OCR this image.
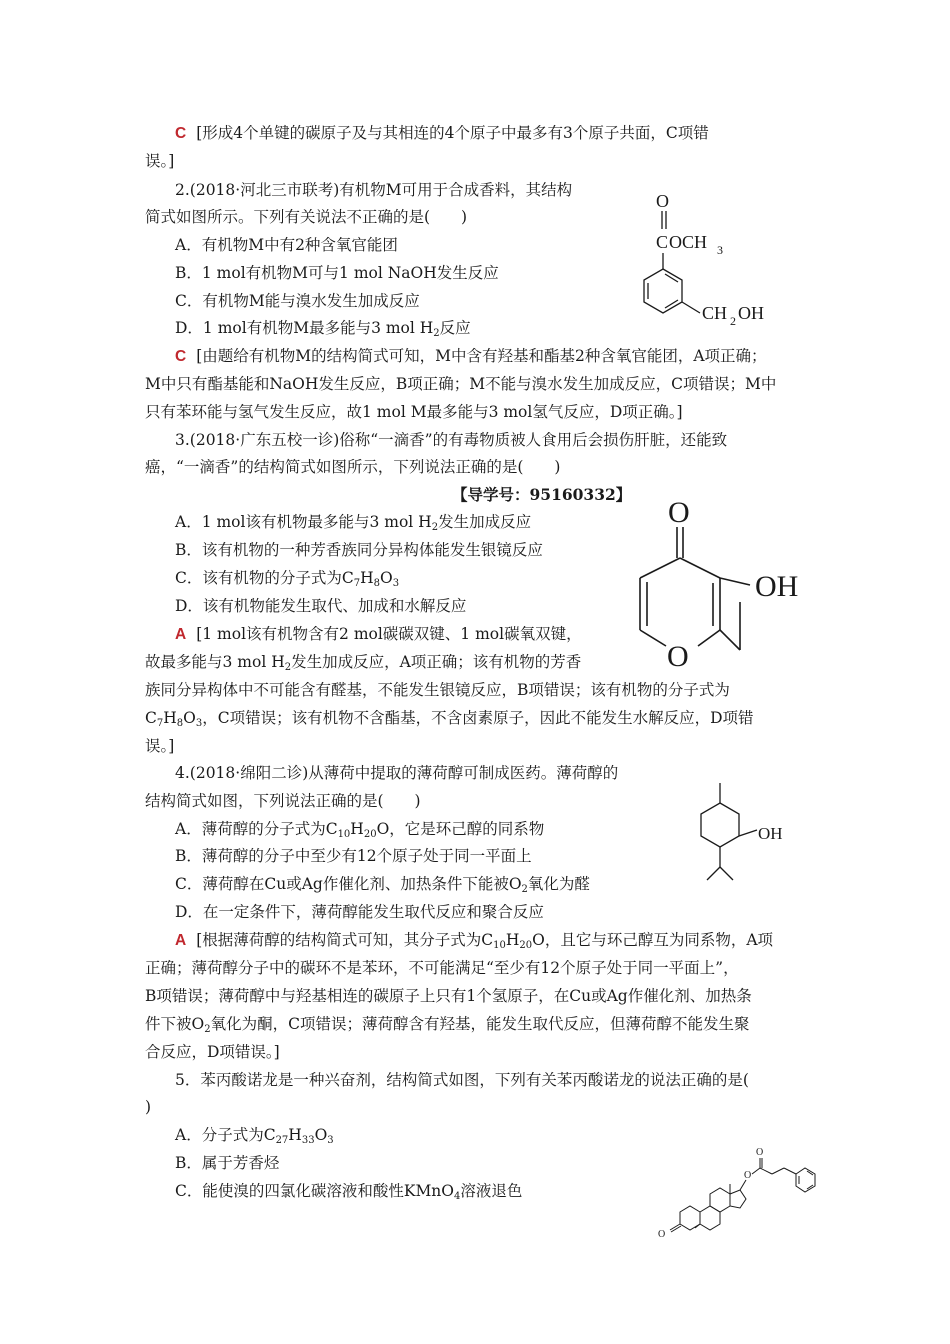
C [形成4个单键的碳原子及与其相连的4个原子中最多有3个原子共面，C项错
误。]
2.(2018·河北三市联考)有机物M可用于合成香料，其结构
简式如图所示。下列有关说法不正确的是(　　)
A．有机物M中有2种含氧官能团
B．1 mol有机物M可与1 mol NaOH发生反应
C．有机物M能与溴水发生加成反应
D．1 mol有机物M最多能与3 mol $H_2$反应
C [由题给有机物M的结构简式可知，M中含有羟基和酯基2种含氧官能团，A项正确；
M中只有酯基能和NaOH发生反应，B项正确；M不能与溴水发生加成反应，C项错误；M中
只有苯环能与氢气发生反应，故1 mol M最多能与3 mol氢气反应，D项正确。]
O
C OCH 3
CH 2 OH
3.(2018·广东五校一诊)俗称“一滴香”的有毒物质被人食用后会损伤肝脏，还能致
癌，“一滴香”的结构简式如图所示，下列说法正确的是(　　)
【导学号：95160332】
A．1 mol该有机物最多能与3 mol $H_2$发生加成反应
B．该有机物的一种芳香族同分异构体能发生银镜反应
C．该有机物的分子式为$C_7H_8O_3$
D．该有机物能发生取代、加成和水解反应
A [1 mol该有机物含有2 mol碳碳双键、1 mol碳氧双键，
故最多能与3 mol $H_2$发生加成反应，A项正确；该有机物的芳香
族同分异构体中不可能含有醛基，不能发生银镜反应，B项错误；该有机物的分子式为
$C_7H_8O_3$，C项错误；该有机物不含酯基，不含卤素原子，因此不能发生水解反应，D项错
误。]
O
O
OH
4.(2018·绵阳二诊)从薄荷中提取的薄荷醇可制成医药。薄荷醇的
结构简式如图，下列说法正确的是(　　)
A．薄荷醇的分子式为$C_{10}H_{20}O$，它是环己醇的同系物
B．薄荷醇的分子中至少有12个原子处于同一平面上
C．薄荷醇在Cu或Ag作催化剂、加热条件下能被$O_2$氧化为醛
D．在一定条件下，薄荷醇能发生取代反应和聚合反应
A [根据薄荷醇的结构简式可知，其分子式为$C_{10}H_{20}O$，且它与环己醇互为同系物，A项
正确；薄荷醇分子中的碳环不是苯环，不可能满足“至少有12个原子处于同一平面上”，
B项错误；薄荷醇中与羟基相连的碳原子上只有1个氢原子，在Cu或Ag作催化剂、加热条
件下被$O_2$氧化为酮，C项错误；薄荷醇含有羟基，能发生取代反应，但薄荷醇不能发生聚
合反应，D项错误。]
OH
5．苯丙酸诺龙是一种兴奋剂，结构简式如图，下列有关苯丙酸诺龙的说法正确的是(
)
A．分子式为$C_{27}H_{33}O_3$
B．属于芳香烃
C．能使溴的四氯化碳溶液和酸性KMnO$_4$溶液退色
O
O
O
